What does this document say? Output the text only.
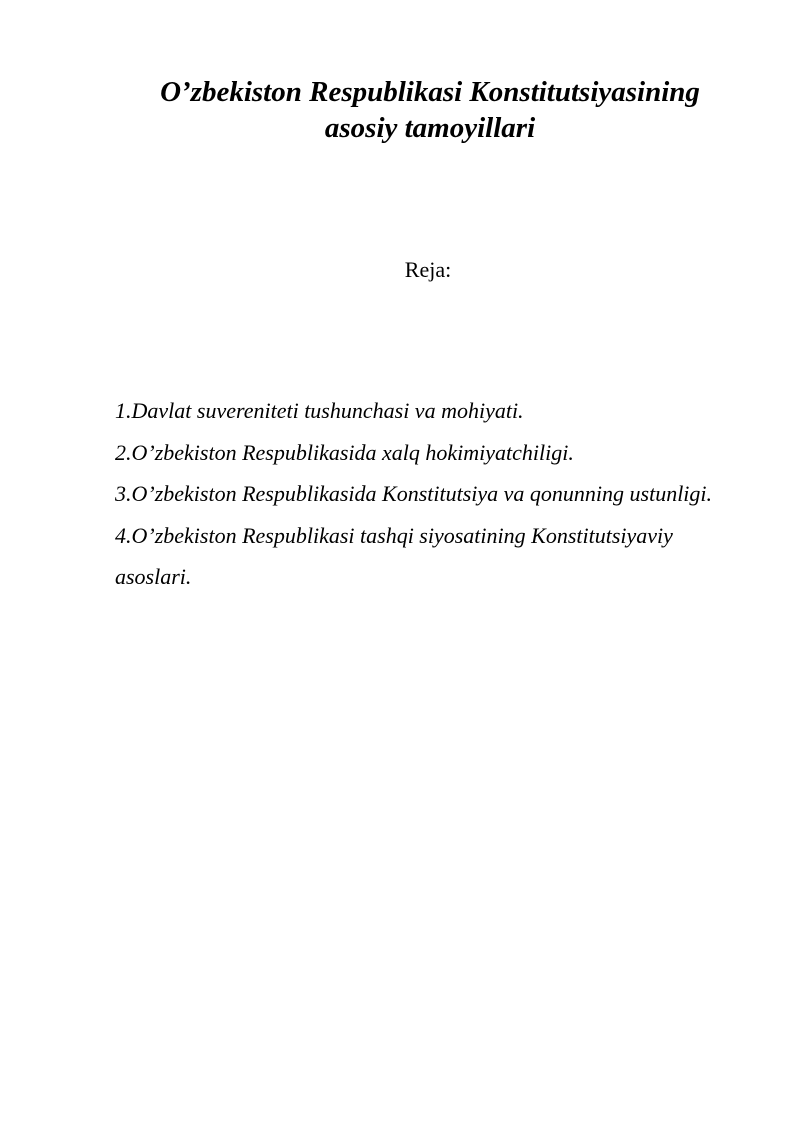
O’zbekiston Respublikasi Konstitutsiyasining
asosiy tamoyillari

Reja:

1.Davlat suvereniteti tushunchasi va mohiyati.
2.O’zbekiston Respublikasida xalq hokimiyatchiligi.
3.O’zbekiston Respublikasida Konstitutsiya va qonunning ustunligi.
4.O’zbekiston Respublikasi tashqi siyosatining Konstitutsiyaviy asoslari.
